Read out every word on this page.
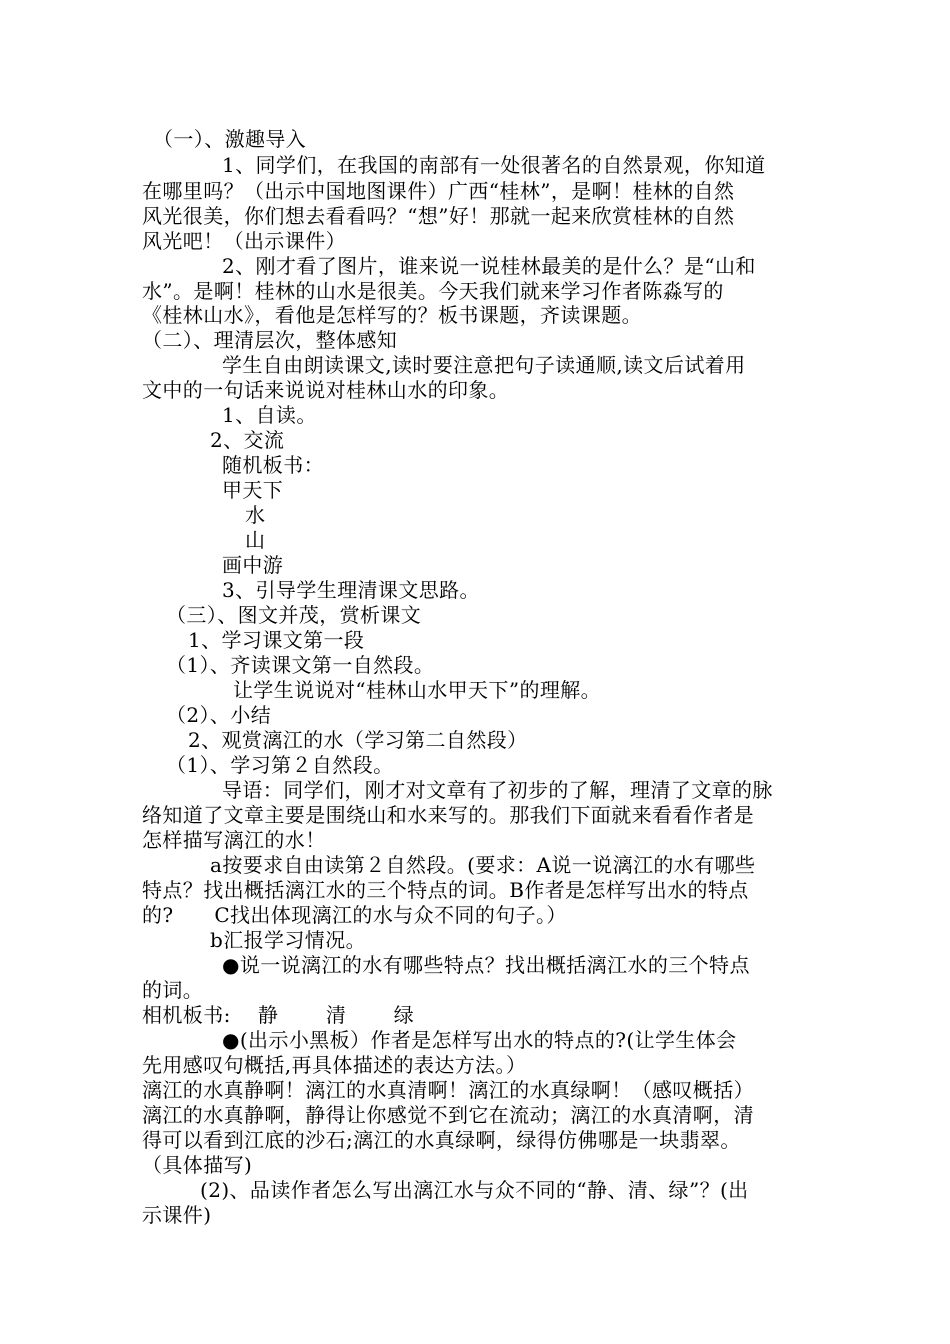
（一）、激趣导入

1、同学们，在我国的南部有一处很著名的自然景观，你知道

在哪里吗？（出示中国地图课件）广西“桂林”，是啊！桂林的自然

风光很美，你们想去看看吗？“想”好！那就一起来欣赏桂林的自然

风光吧！（出示课件）

2、刚才看了图片，谁来说一说桂林最美的是什么？是“山和

水”。是啊！桂林的山水是很美。今天我们就来学习作者陈淼写的

《桂林山水》，看他是怎样写的？板书课题，齐读课题。

（二）、理清层次，整体感知

学生自由朗读课文,读时要注意把句子读通顺,读文后试着用

文中的一句话来说说对桂林山水的印象。

1、自读。

2、交流

随机板书：

甲天下

水

山

画中游

3、引导学生理清课文思路。

（三）、图文并茂，赏析课文

1、学习课文第一段

（1）、齐读课文第一自然段。

让学生说说对“桂林山水甲天下”的理解。

（2）、小结

2、观赏漓江的水（学习第二自然段）

（1）、学习第２自然段。

导语：同学们，刚才对文章有了初步的了解，理清了文章的脉

络知道了文章主要是围绕山和水来写的。那我们下面就来看看作者是

怎样描写漓江的水！

a按要求自由读第２自然段。(要求：A说一说漓江的水有哪些

特点？找出概括漓江水的三个特点的词。B作者是怎样写出水的特点

的?　　C找出体现漓江的水与众不同的句子。）

b汇报学习情况。

●说一说漓江的水有哪些特点？找出概括漓江水的三个特点

的词。

相机板书:　 静　　 清　　 绿

●(出示小黑板）作者是怎样写出水的特点的?(让学生体会

先用感叹句概括,再具体描述的表达方法。）

漓江的水真静啊！漓江的水真清啊！漓江的水真绿啊！（感叹概括）

漓江的水真静啊，静得让你感觉不到它在流动；漓江的水真清啊，清

得可以看到江底的沙石;漓江的水真绿啊，绿得仿佛哪是一块翡翠。

（具体描写)

(2)、品读作者怎么写出漓江水与众不同的“静、清、绿”？(出

示课件)
